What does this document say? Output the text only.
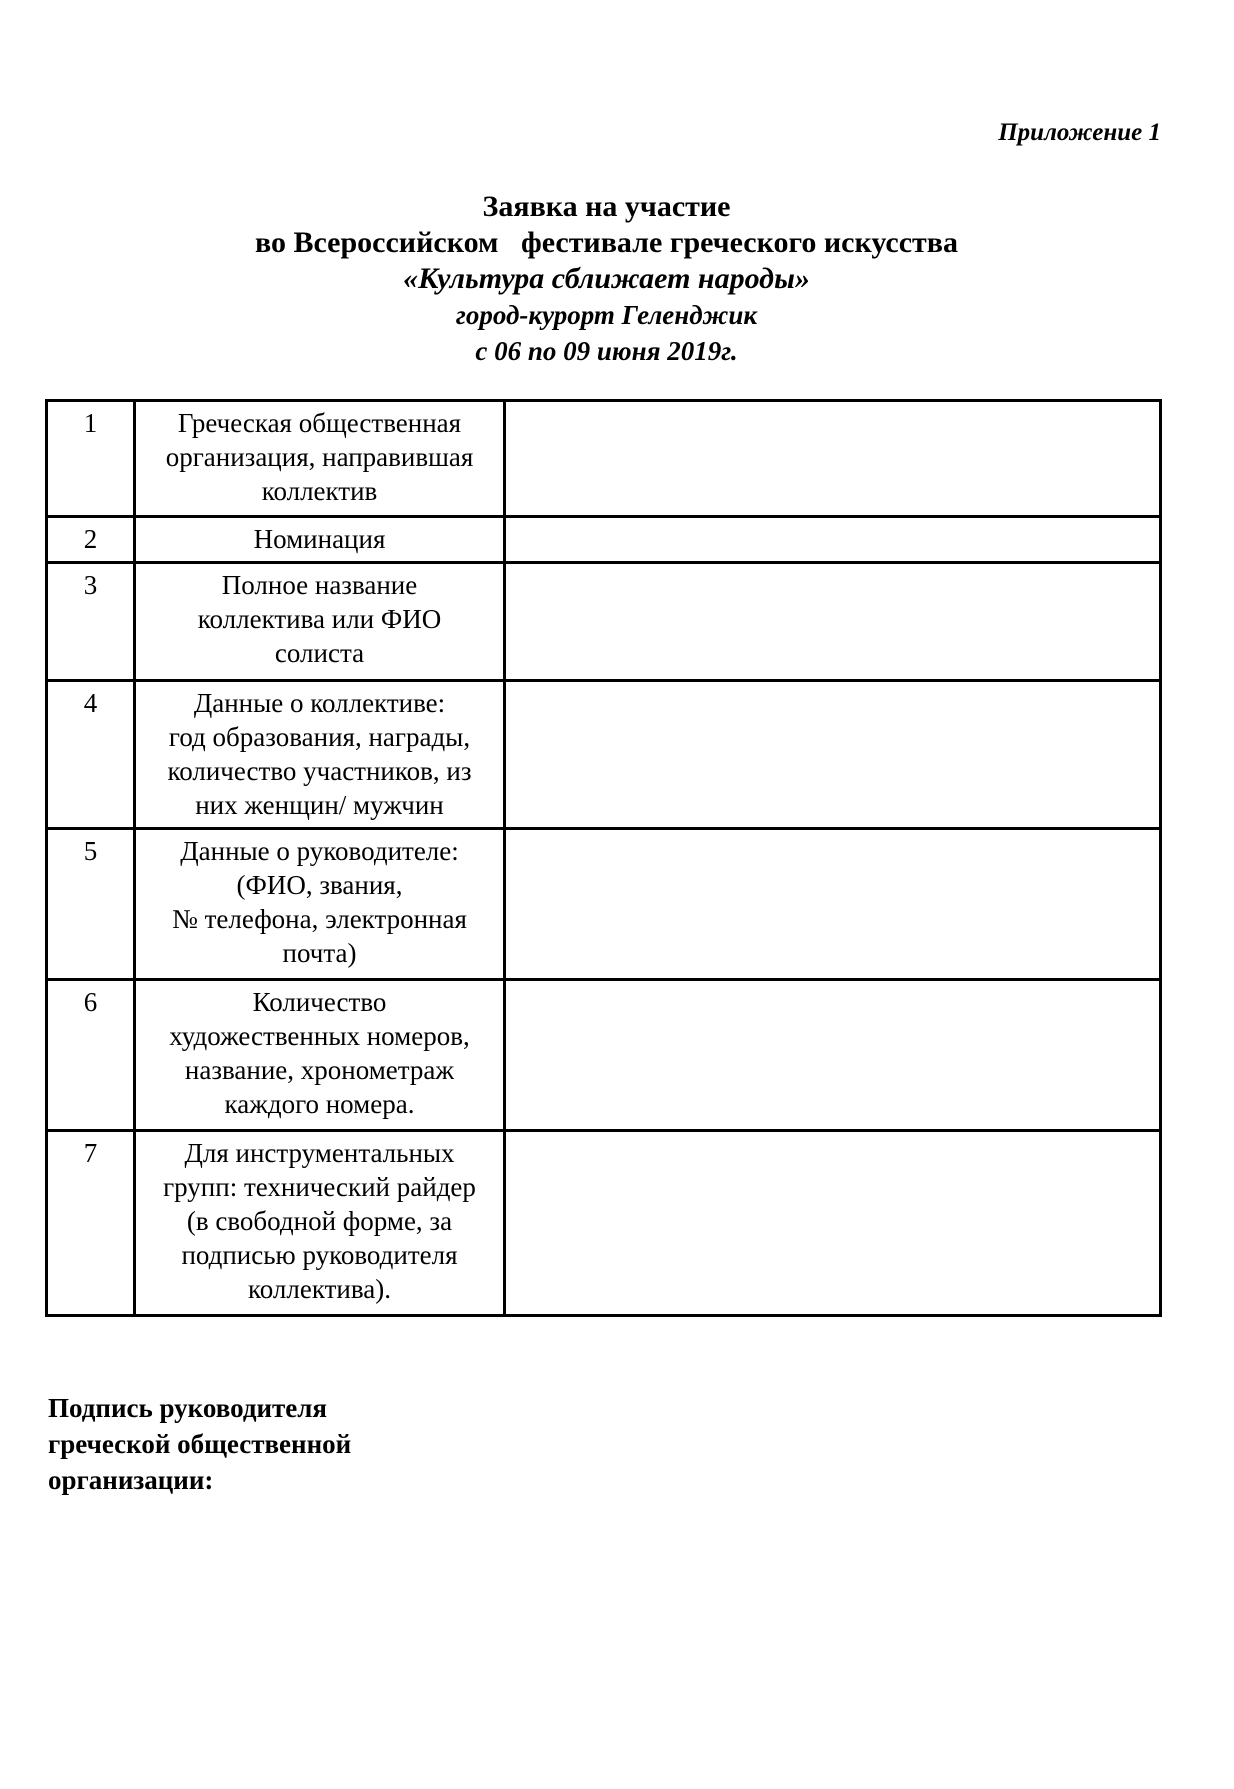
Приложение 1
Заявка на участие
во Всероссийском   фестивале греческого искусства
«Культура сближает народы»
город-курорт Геленджик
с 06 по 09 июня 2019г.
1	Греческая общественная
организация, направившая
коллектив	

2	Номинация	

3	Полное название
коллектива или ФИО
солиста	

4	Данные о коллективе:
год образования, награды,
количество участников, из
них женщин/ мужчин	

5	Данные о руководителе:
(ФИО, звания,
№ телефона, электронная
почта)	

6	Количество
художественных номеров,
название, хронометраж
каждого номера.	

7	Для инструментальных
групп: технический райдер
(в свободной форме, за
подписью руководителя
коллектива).	

Подпись руководителя
греческой общественной
организации:
